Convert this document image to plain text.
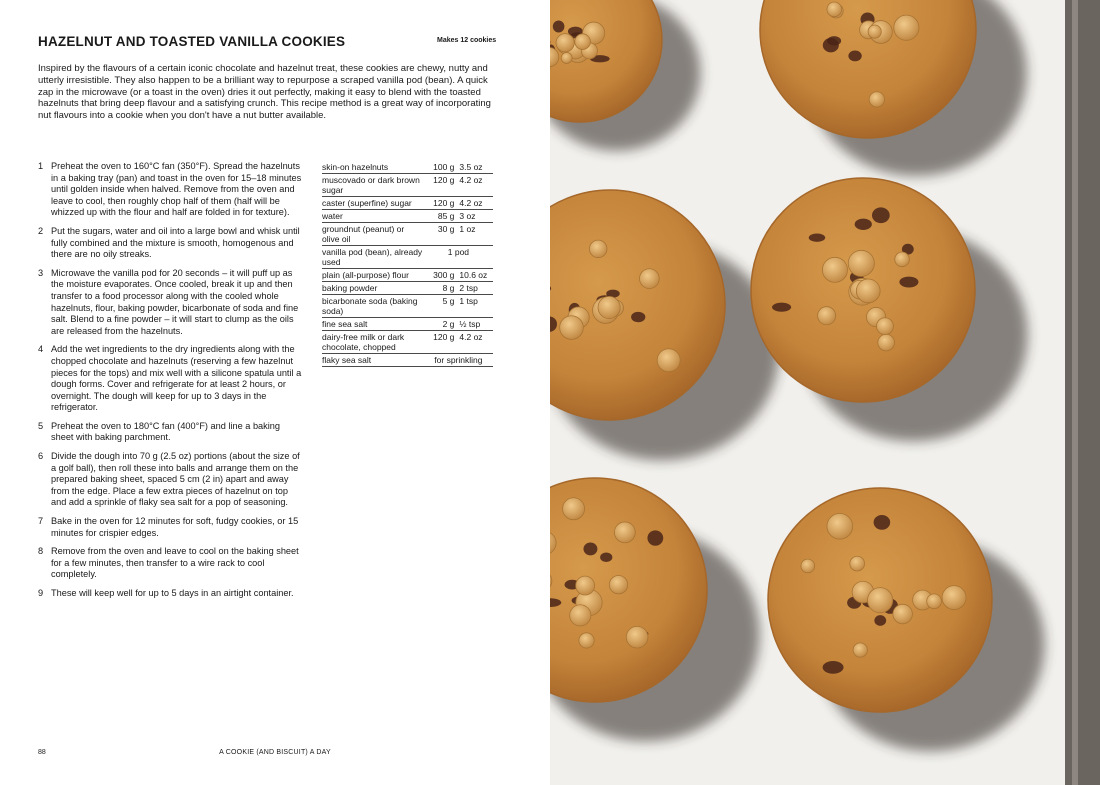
HAZELNUT AND TOASTED VANILLA COOKIES	Makes 12 cookies

Inspired by the flavours of a certain iconic chocolate and hazelnut treat, these cookies are chewy, nutty and utterly irresistible. They also happen to be a brilliant way to repurpose a scraped vanilla pod (bean). A quick zap in the microwave (or a toast in the oven) dries it out perfectly, making it easy to blend with the toasted hazelnuts that bring deep flavour and a satisfying crunch. This recipe method is a great way of incorporating nut flavours into a cookie when you don't have a nut butter available.

1 Preheat the oven to 160°C fan (350°F). Spread the hazelnuts in a baking tray (pan) and toast in the oven for 15–18 minutes until golden inside when halved. Remove from the oven and leave to cool, then roughly chop half of them (half will be whizzed up with the flour and half are folded in for texture).
2 Put the sugars, water and oil into a large bowl and whisk until fully combined and the mixture is smooth, homogenous and there are no oily streaks.
3 Microwave the vanilla pod for 20 seconds – it will puff up as the moisture evaporates. Once cooled, break it up and then transfer to a food processor along with the cooled whole hazelnuts, flour, baking powder, bicarbonate of soda and fine salt. Blend to a fine powder – it will start to clump as the oils are released from the hazelnuts.
4 Add the wet ingredients to the dry ingredients along with the chopped chocolate and hazelnuts (reserving a few hazelnut pieces for the tops) and mix well with a silicone spatula until a dough forms. Cover and refrigerate for at least 2 hours, or overnight. The dough will keep for up to 3 days in the refrigerator.
5 Preheat the oven to 180°C fan (400°F) and line a baking sheet with baking parchment.
6 Divide the dough into 70 g (2.5 oz) portions (about the size of a golf ball), then roll these into balls and arrange them on the prepared baking sheet, spaced 5 cm (2 in) apart and away from the edge. Place a few extra pieces of hazelnut on top and add a sprinkle of flaky sea salt for a pop of seasoning.
7 Bake in the oven for 12 minutes for soft, fudgy cookies, or 15 minutes for crispier edges.
8 Remove from the oven and leave to cool on the baking sheet for a few minutes, then transfer to a wire rack to cool completely.
9 These will keep well for up to 5 days in an airtight container.
skin-on hazelnuts	100 g	3.5 oz
muscovado or dark brown sugar	120 g	4.2 oz
caster (superfine) sugar	120 g	4.2 oz
water	85 g	3 oz
groundnut (peanut) or olive oil	30 g	1 oz
vanilla pod (bean), already used	1 pod	
plain (all-purpose) flour	300 g	10.6 oz
baking powder	8 g	2 tsp
bicarbonate soda (baking soda)	5 g	1 tsp
fine sea salt	2 g	½ tsp
dairy-free milk or dark chocolate, chopped	120 g	4.2 oz
flaky sea salt	for sprinkling	
88	A COOKIE (AND BISCUIT) A DAY
